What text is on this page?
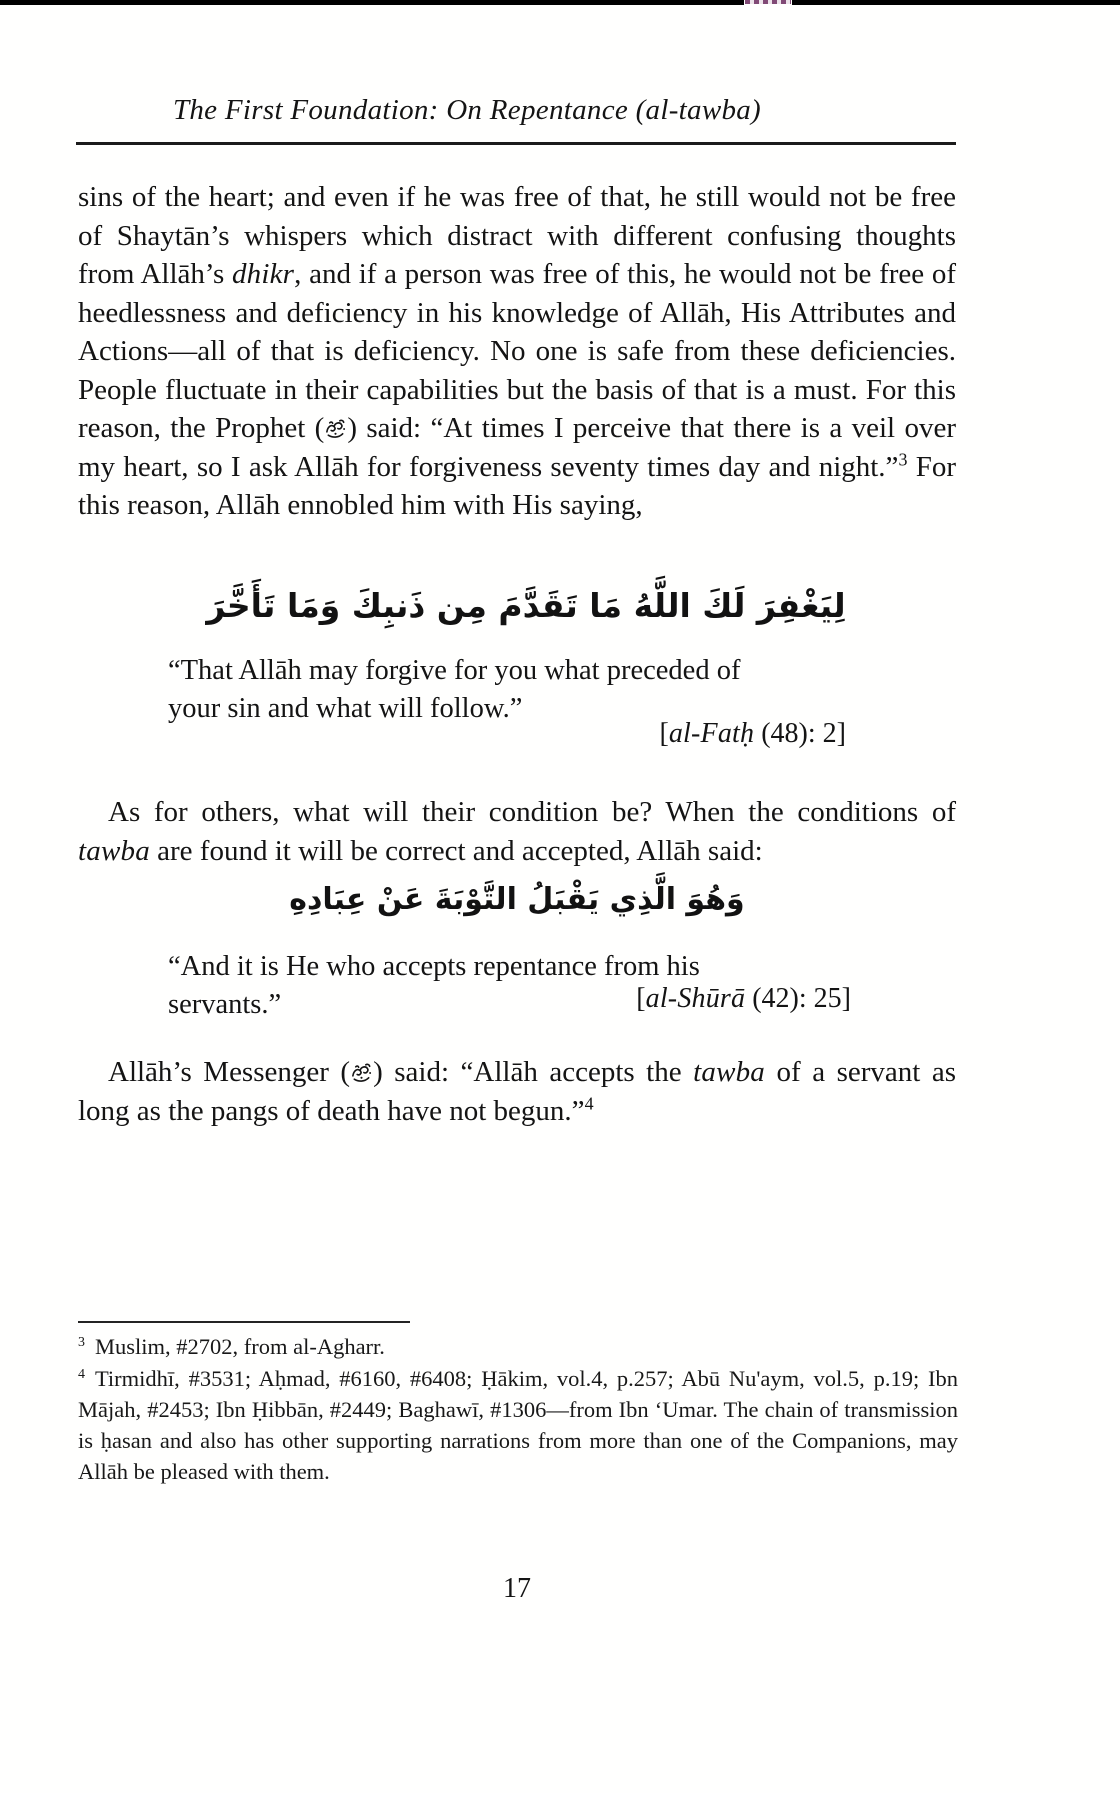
The First Foundation: On Repentance (al-tawba)
sins of the heart; and even if he was free of that, he still would not be free of Shaytān’s whispers which distract with different confusing thoughts from Allāh’s dhikr, and if a person was free of this, he would not be free of heedlessness and deficiency in his knowledge of Allāh, His Attributes and Actions—all of that is deficiency. No one is safe from these deficiencies. People fluctuate in their capabilities but the basis of that is a must. For this reason, the Prophet ( ) said: “At times I perceive that there is a veil over my heart, so I ask Allāh for forgiveness seventy times day and night.”$^3$ For this reason, Allāh ennobled him with His saying,
لِيَغْفِرَ لَكَ اللَّهُ مَا تَقَدَّمَ مِن ذَنبِكَ وَمَا تَأَخَّرَ
“That Allāh may forgive for you what preceded of your sin and what will follow.”
[al-Fatḥ (48): 2]
As for others, what will their condition be? When the conditions of tawba are found it will be correct and accepted, Allāh said:
وَهُوَ الَّذِي يَقْبَلُ التَّوْبَةَ عَنْ عِبَادِهِ
“And it is He who accepts repentance from his servants.”	[al-Shūrā (42): 25]
Allāh’s Messenger ( ) said: “Allāh accepts the tawba of a servant as long as the pangs of death have not begun.”$^4$

$^3$ Muslim, #2702, from al-Agharr.

$^4$ Tirmidhī, #3531; Aḥmad, #6160, #6408; Ḥākim, vol.4, p.257; Abū Nu'aym, vol.5, p.19; Ibn Mājah, #2453; Ibn Ḥibbān, #2449; Baghawī, #1306—from Ibn ‘Umar. The chain of transmission is ḥasan and also has other supporting narrations from more than one of the Companions, may Allāh be pleased with them.

17
